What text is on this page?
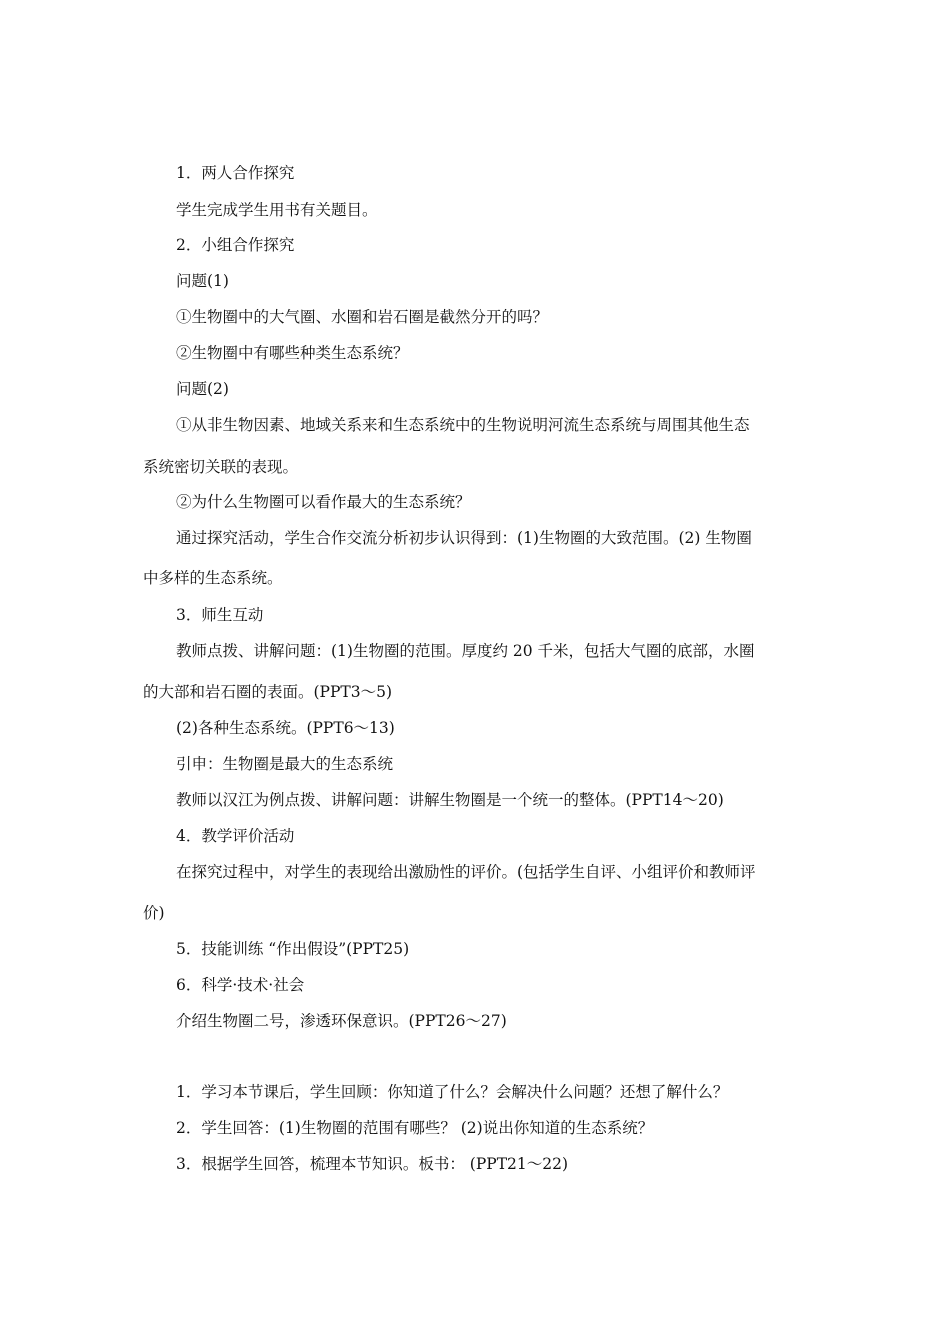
1．两人合作探究
学生完成学生用书有关题目。
2．小组合作探究
问题(1)
①生物圈中的大气圈、水圈和岩石圈是截然分开的吗？
②生物圈中有哪些种类生态系统？
问题(2)
①从非生物因素、地域关系来和生态系统中的生物说明河流生态系统与周围其他生态
系统密切关联的表现。
②为什么生物圈可以看作最大的生态系统？
通过探究活动，学生合作交流分析初步认识得到：(1)生物圈的大致范围。(2) 生物圈
中多样的生态系统。
3．师生互动
教师点拨、讲解问题：(1)生物圈的范围。厚度约 20 千米，包括大气圈的底部，水圈
的大部和岩石圈的表面。(PPT3～5)
(2)各种生态系统。(PPT6～13)
引申：生物圈是最大的生态系统
教师以汉江为例点拨、讲解问题：讲解生物圈是一个统一的整体。(PPT14～20)
4．教学评价活动
在探究过程中，对学生的表现给出激励性的评价。(包括学生自评、小组评价和教师评
价)
5．技能训练 “作出假设”(PPT25)
6．科学·技术·社会
介绍生物圈二号，渗透环保意识。(PPT26～27)
1．学习本节课后，学生回顾：你知道了什么？会解决什么问题？还想了解什么？
2．学生回答：(1)生物圈的范围有哪些？ (2)说出你知道的生态系统？
3．根据学生回答，梳理本节知识。板书： (PPT21～22)
